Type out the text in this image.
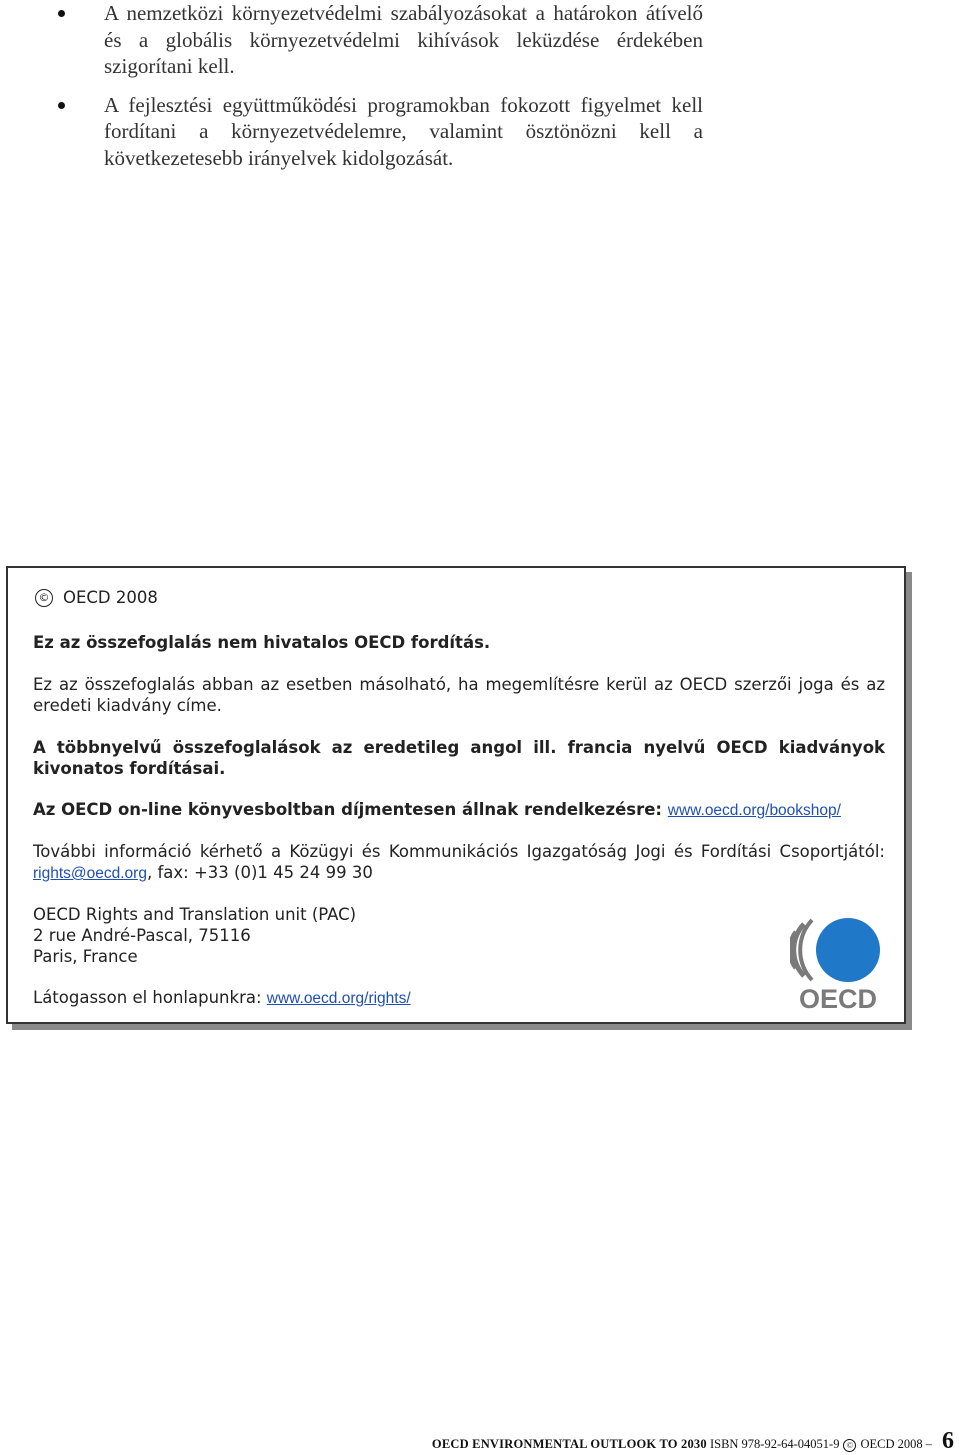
A nemzetközi környezetvédelmi szabályozásokat a határokon átívelő és a globális környezetvédelmi kihívások leküzdése érdekében szigorítani kell.
A fejlesztési együttműködési programokban fokozott figyelmet kell fordítani a környezetvédelemre, valamint ösztönözni kell a következetesebb irányelvek kidolgozását.
© OECD 2008

Ez az összefoglalás nem hivatalos OECD fordítás.

Ez az összefoglalás abban az esetben másolható, ha megemlítésre kerül az OECD szerzői joga és az eredeti kiadvány címe.

A többnyelvű összefoglalások az eredetileg angol ill. francia nyelvű OECD kiadványok kivonatos fordításai.

Az OECD on-line könyvesboltban díjmentesen állnak rendelkezésre: www.oecd.org/bookshop/

További információ kérhető a Közügyi és Kommunikációs Igazgatóság Jogi és Fordítási Csoportjától: rights@oecd.org, fax: +33 (0)1 45 24 99 30

OECD Rights and Translation unit (PAC)
2 rue André-Pascal, 75116
Paris, France

Látogasson el honlapunkra: www.oecd.org/rights/	OECD
OECD ENVIRONMENTAL OUTLOOK TO 2030
ISBN 978-92-64-04051-9 © OECD 2008
– 6
